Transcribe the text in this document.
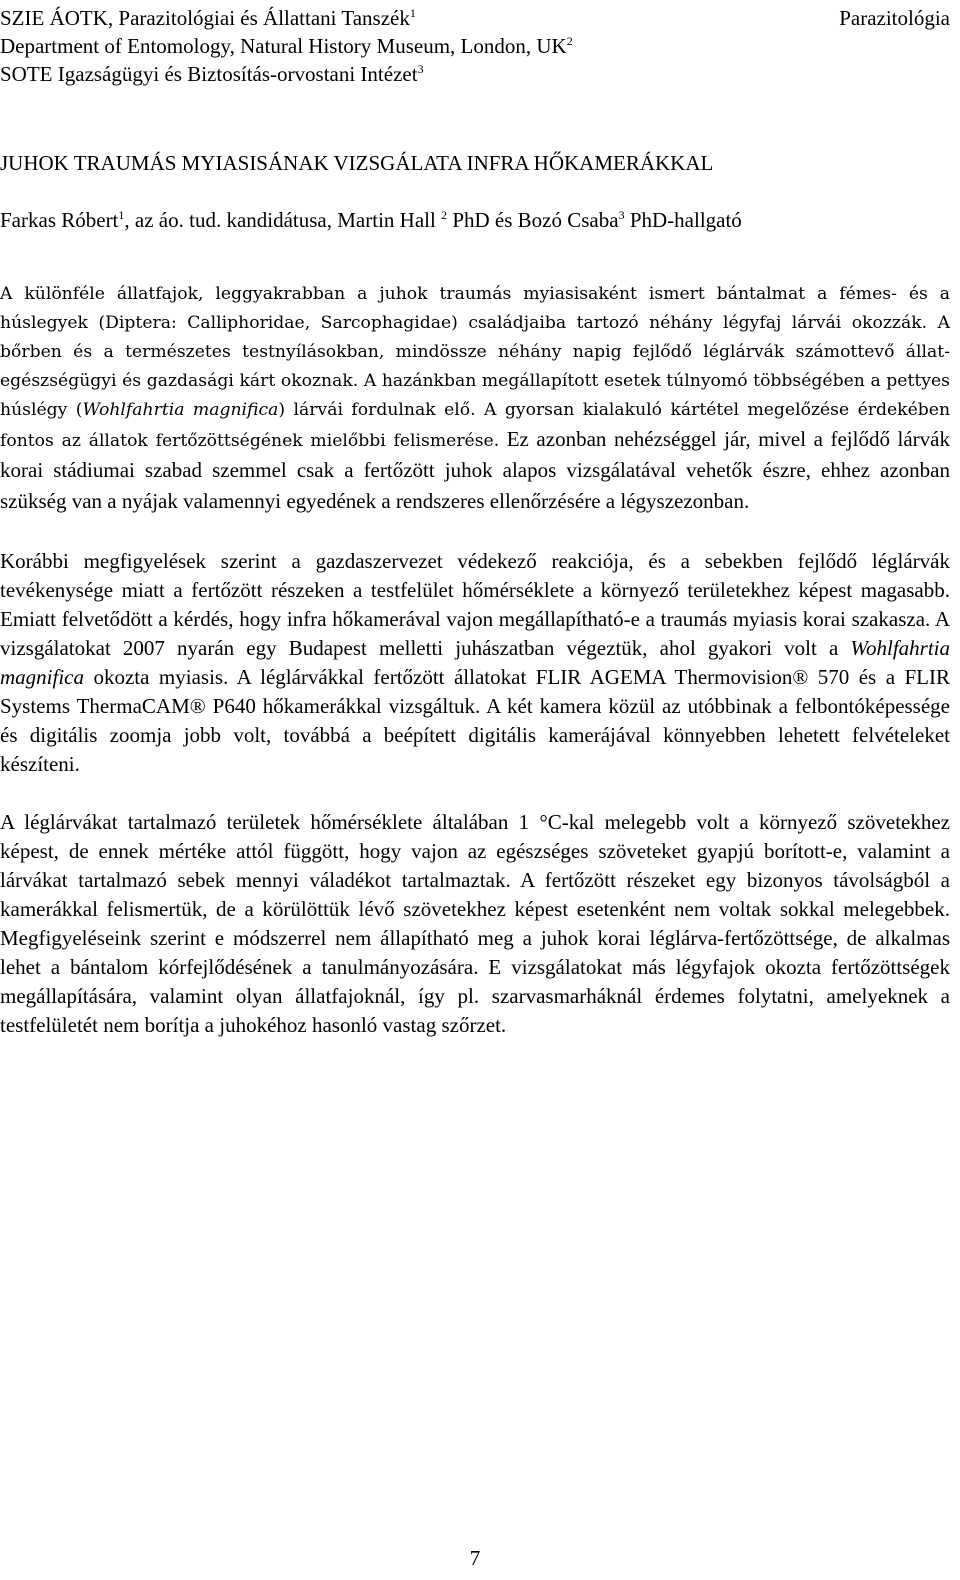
SZIE ÁOTK, Parazitológiai és Állattani Tanszék$^1$
Department of Entomology, Natural History Museum, London, $UK^2$
SOTE Igazságügyi és Biztosítás-orvostani Intézet$^3$
Parazitológia
JUHOK TRAUMÁS MYIASISÁNAK VIZSGÁLATA INFRA HŐKAMERÁKKAL
Farkas Róbert$^1$, az áo. tud. kandidátusa, Martin Hall $^2$ PhD és Bozó Csaba$^3$ PhD-hallgató

A különféle állatfajok, leggyakrabban a juhok traumás myiasisaként ismert bántalmat a fémes- és a húslegyek (Diptera: Calliphoridae, Sarcophagidae) családjaiba tartozó néhány légyfaj lárvái okozzák. A bőrben és a természetes testnyílásokban, mindössze néhány napig fejlődő léglárvák számottevő állat-egészségügyi és gazdasági kárt okoznak. A hazánkban megállapított esetek túlnyomó többségében a pettyes húslégy (Wohlfahrtia magnifica) lárvái fordulnak elő. A gyorsan kialakuló kártétel megelőzése érdekében fontos az állatok fertőzöttségének mielőbbi felismerése. Ez azonban nehézséggel jár, mivel a fejlődő lárvák korai stádiumai szabad szemmel csak a fertőzött juhok alapos vizsgálatával vehetők észre, ehhez azonban szükség van a nyájak valamennyi egyedének a rendszeres ellenőrzésére a légyszezonban.

Korábbi megfigyelések szerint a gazdaszervezet védekező reakciója, és a sebekben fejlődő léglárvák tevékenysége miatt a fertőzött részeken a testfelület hőmérséklete a környező területekhez képest magasabb. Emiatt felvetődött a kérdés, hogy infra hőkamerával vajon megállapítható-e a traumás myiasis korai szakasza. A vizsgálatokat 2007 nyarán egy Budapest melletti juhászatban végeztük, ahol gyakori volt a Wohlfahrtia magnifica okozta myiasis. A léglárvákkal fertőzött állatokat FLIR AGEMA Thermovision® 570 és a FLIR Systems ThermaCAM® P640 hőkamerákkal vizsgáltuk. A két kamera közül az utóbbinak a felbontóképessége és digitális zoomja jobb volt, továbbá a beépített digitális kamerájával könnyebben lehetett felvételeket készíteni.

A léglárvákat tartalmazó területek hőmérséklete általában 1 °C-kal melegebb volt a környező szövetekhez képest, de ennek mértéke attól függött, hogy vajon az egészséges szöveteket gyapjú borított-e, valamint a lárvákat tartalmazó sebek mennyi váladékot tartalmaztak. A fertőzött részeket egy bizonyos távolságból a kamerákkal felismertük, de a körülöttük lévő szövetekhez képest esetenként nem voltak sokkal melegebbek. Megfigyeléseink szerint e módszerrel nem állapítható meg a juhok korai léglárva-fertőzöttsége, de alkalmas lehet a bántalom kórfejlődésének a tanulmányozására. E vizsgálatokat más légyfajok okozta fertőzöttségek megállapítására, valamint olyan állatfajoknál, így pl. szarvasmarháknál érdemes folytatni, amelyeknek a testfelületét nem borítja a juhokéhoz hasonló vastag szőrzet.

7
